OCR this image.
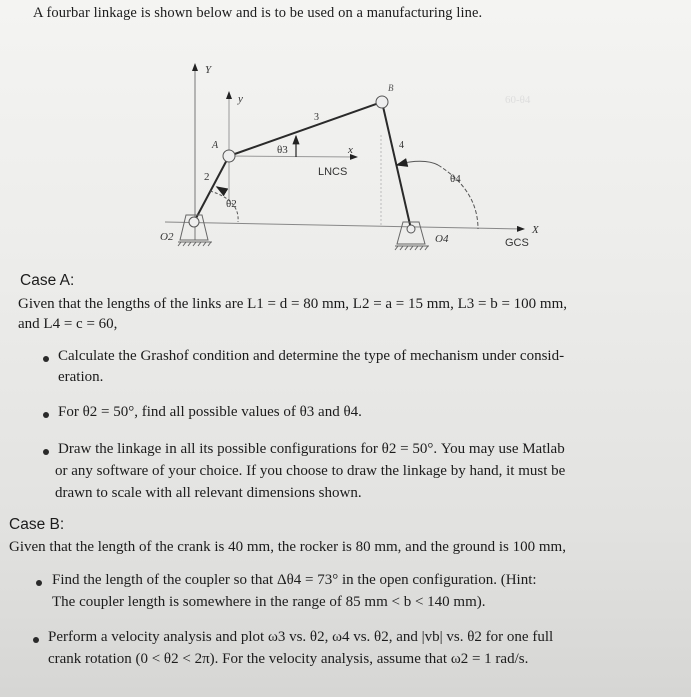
A fourbar linkage is shown below and is to be used on a manufacturing line.
Y
y
x
A
B
2
3
4
θ2
θ3
θ4
LNCS
O2	O4
X
GCS
60-θ4
Case A:
Given that the lengths of the links are L1 = d = 80 mm, L2 = a = 15 mm, L3 = b = 100 mm,
and L4 = c = 60,
Calculate the Grashof condition and determine the type of mechanism under consid-
eration.
For θ2 = 50°, find all possible values of θ3 and θ4.
Draw the linkage in all its possible configurations for θ2 = 50°. You may use Matlab
or any software of your choice. If you choose to draw the linkage by hand, it must be
drawn to scale with all relevant dimensions shown.
Case B:
Given that the length of the crank is 40 mm, the rocker is 80 mm, and the ground is 100 mm,
Find the length of the coupler so that Δθ4 = 73° in the open configuration. (Hint:
The coupler length is somewhere in the range of 85 mm < b < 140 mm).
Perform a velocity analysis and plot ω3 vs. θ2, ω4 vs. θ2, and |vb| vs. θ2 for one full
crank rotation (0 < θ2 < 2π). For the velocity analysis, assume that ω2 = 1 rad/s.
